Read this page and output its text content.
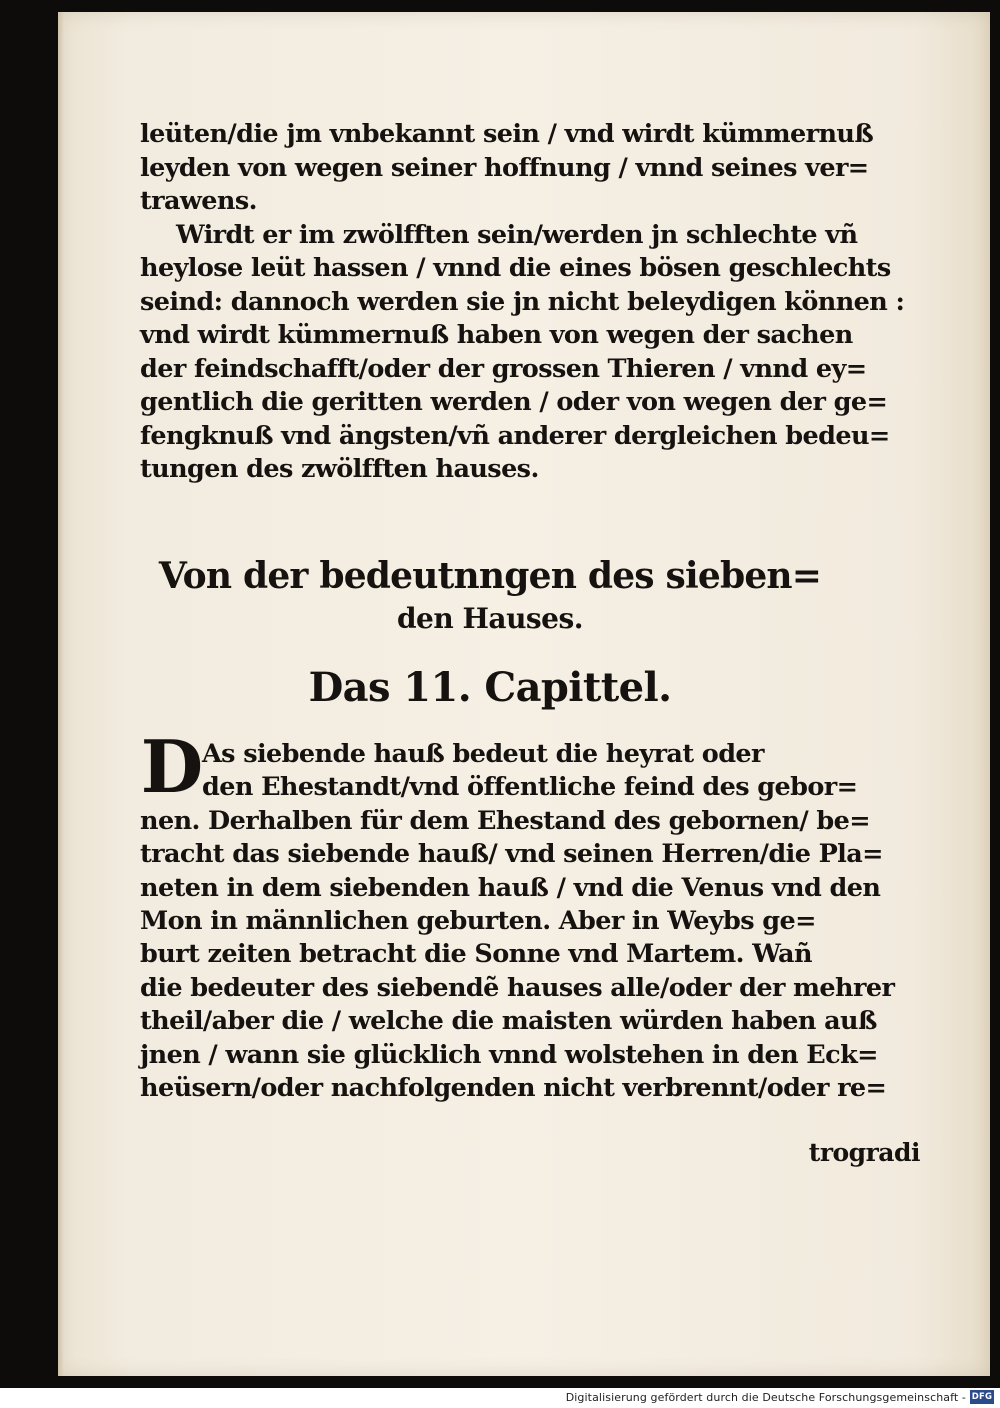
leüten/die jm vnbekannt sein / vnd wirdt kümmernuß
leyden von wegen seiner hoffnung / vnnd seines ver=
trawens.
Wirdt er im zwölfften sein/werden jn schlechte vñ
heylose leüt hassen / vnnd die eines bösen geschlechts
seind: dannoch werden sie jn nicht beleydigen können :
vnd wirdt kümmernuß haben von wegen der sachen
der feindschafft/oder der grossen Thieren / vnnd ey=
gentlich die geritten werden / oder von wegen der ge=
fengknuß vnd ängsten/vñ anderer dergleichen bedeu=
tungen des zwölfften hauses.
Von der bedeutnngen des sieben=
den Hauses.
Das 11. Capittel.
D
As siebende hauß bedeut die heyrat oder
den Ehestandt/vnd öffentliche feind des gebor=
nen. Derhalben für dem Ehestand des gebornen/ be=
tracht das siebende hauß/ vnd seinen Herren/die Pla=
neten in dem siebenden hauß / vnd die Venus vnd den
Mon in männlichen geburten. Aber in Weybs ge=
burt zeiten betracht die Sonne vnd Martem. Wañ
die bedeuter des siebendẽ hauses alle/oder der mehrer
theil/aber die / welche die maisten würden haben auß
jnen / wann sie glücklich vnnd wolstehen in den Eck=
heüsern/oder nachfolgenden nicht verbrennt/oder re=
trogradi
Digitalisierung gefördert durch die Deutsche Forschungsgemeinschaft - DFG
